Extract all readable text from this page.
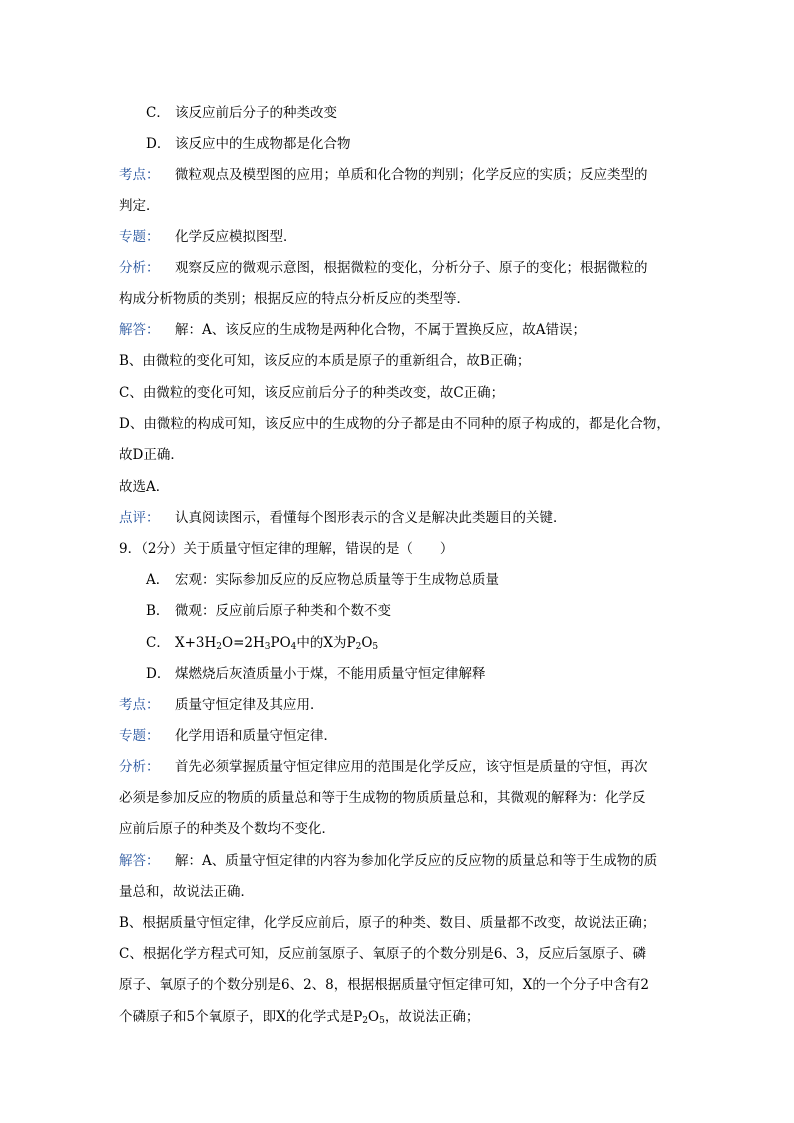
C． 该反应前后分子的种类改变
D． 该反应中的生成物都是化合物
考点： 微粒观点及模型图的应用；单质和化合物的判别；化学反应的实质；反应类型的
判定．
专题： 化学反应模拟图型．
分析： 观察反应的微观示意图，根据微粒的变化，分析分子、原子的变化；根据微粒的
构成分析物质的类别；根据反应的特点分析反应的类型等．
解答： 解：A、该反应的生成物是两种化合物，不属于置换反应，故A错误；
B、由微粒的变化可知，该反应的本质是原子的重新组合，故B正确；
C、由微粒的变化可知，该反应前后分子的种类改变，故C正确；
D、由微粒的构成可知，该反应中的生成物的分子都是由不同种的原子构成的，都是化合物，
故D正确．
故选A．
点评： 认真阅读图示，看懂每个图形表示的含义是解决此类题目的关键．
9．（2分）关于质量守恒定律的理解，错误的是（　　）
A． 宏观：实际参加反应的反应物总质量等于生成物总质量
B． 微观：反应前后原子种类和个数不变
C． $X+3H_2O=2H_3PO_4$中的X为$P_2O_5$
D． 煤燃烧后灰渣质量小于煤，不能用质量守恒定律解释
考点： 质量守恒定律及其应用．
专题： 化学用语和质量守恒定律．
分析： 首先必须掌握质量守恒定律应用的范围是化学反应，该守恒是质量的守恒，再次
必须是参加反应的物质的质量总和等于生成物的物质质量总和，其微观的解释为：化学反
应前后原子的种类及个数均不变化．
解答： 解：A、质量守恒定律的内容为参加化学反应的反应物的质量总和等于生成物的质
量总和，故说法正确．
B、根据质量守恒定律，化学反应前后，原子的种类、数目、质量都不改变，故说法正确；
C、根据化学方程式可知，反应前氢原子、氧原子的个数分别是6、3，反应后氢原子、磷
原子、氧原子的个数分别是6、2、8，根据根据质量守恒定律可知，X的一个分子中含有2
个磷原子和5个氧原子，即X的化学式是$P_2O_5$，故说法正确；
